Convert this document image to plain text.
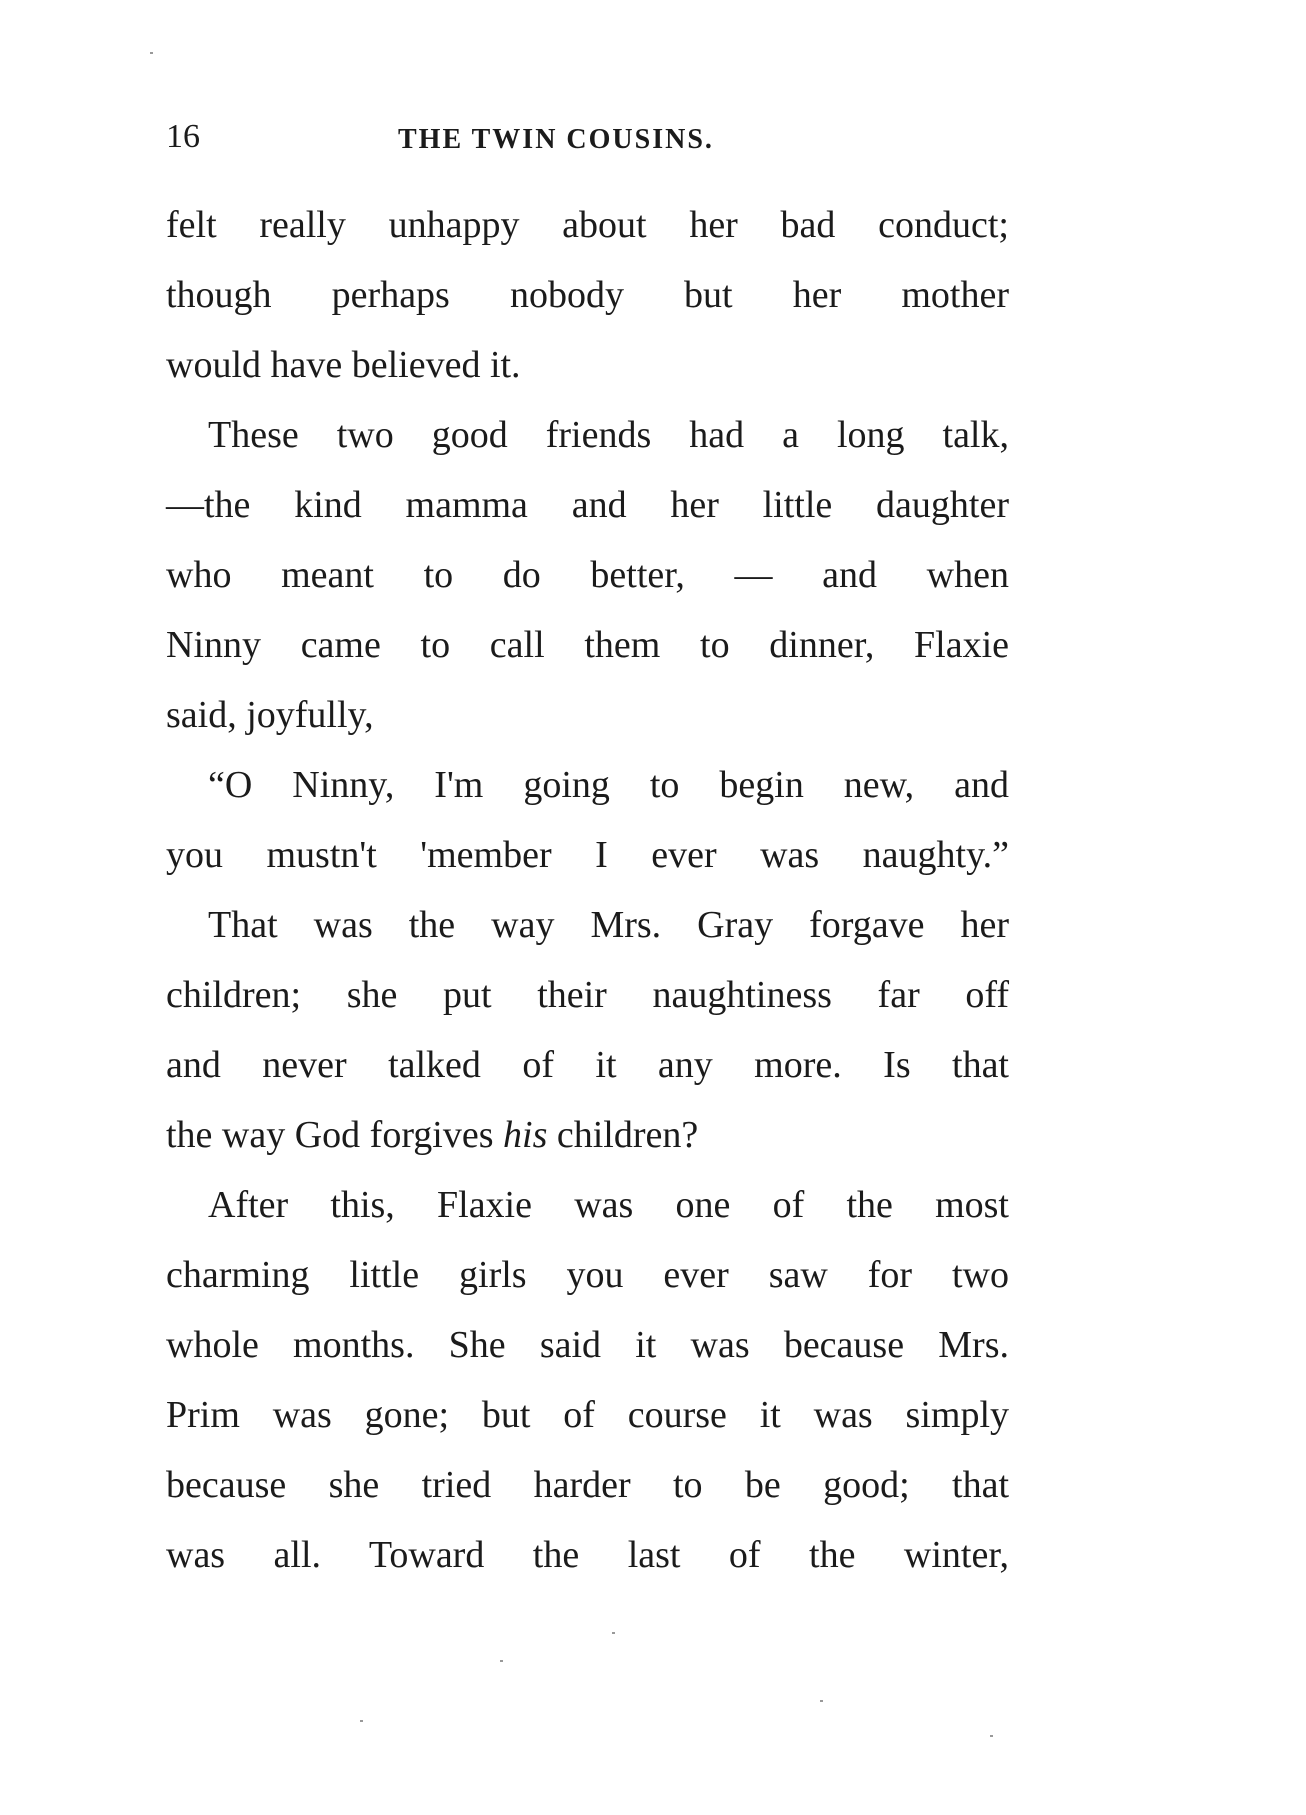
16	THE TWIN COUSINS.
felt really unhappy about her bad conduct;
though perhaps nobody but her mother
would have believed it.
These two good friends had a long talk,
—the kind mamma and her little daughter
who meant to do better, — and when
Ninny came to call them to dinner, Flaxie
said, joyfully,
“O Ninny, I'm going to begin new, and
you mustn't 'member I ever was naughty.”
That was the way Mrs. Gray forgave her
children; she put their naughtiness far off
and never talked of it any more. Is that
the way God forgives his children?
After this, Flaxie was one of the most
charming little girls you ever saw for two
whole months. She said it was because Mrs.
Prim was gone; but of course it was simply
because she tried harder to be good; that
was all. Toward the last of the winter,
